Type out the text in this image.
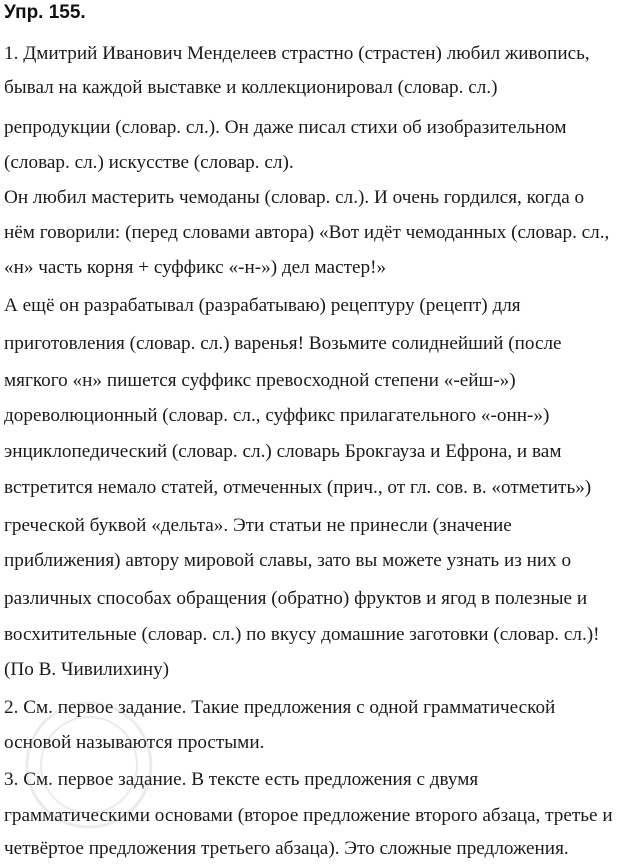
Упр. 155.
1. Дмитрий Иванович Менделеев страстно (страстен) любил живопись,
бывал на каждой выставке и коллекционировал (словар. сл.)
репродукции (словар. сл.). Он даже писал стихи об изобразительном
(словар. сл.) искусстве (словар. сл).
Он любил мастерить чемоданы (словар. сл.). И очень гордился, когда о
нём говорили: (перед словами автора) «Вот идёт чемоданных (словар. сл.,
«н» часть корня + суффикс «-н-») дел мастер!»
А ещё он разрабатывал (разрабатываю) рецептуру (рецепт) для
приготовления (словар. сл.) варенья! Возьмите солиднейший (после
мягкого «н» пишется суффикс превосходной степени «-ейш-»)
дореволюционный (словар. сл., суффикс прилагательного «-онн-»)
энциклопедический (словар. сл.) словарь Брокгауза и Ефрона, и вам
встретится немало статей, отмеченных (прич., от гл. сов. в. «отметить»)
греческой буквой «дельта». Эти статьи не принесли (значение
приближения) автору мировой славы, зато вы можете узнать из них о
различных способах обращения (обратно) фруктов и ягод в полезные и
восхитительные (словар. сл.) по вкусу домашние заготовки (словар. сл.)!
(По В. Чивилихину)
2. См. первое задание. Такие предложения с одной грамматической
основой называются простыми.
3. См. первое задание. В тексте есть предложения с двумя
грамматическими основами (второе предложение второго абзаца, третье и
четвёртое предложения третьего абзаца). Это сложные предложения.
